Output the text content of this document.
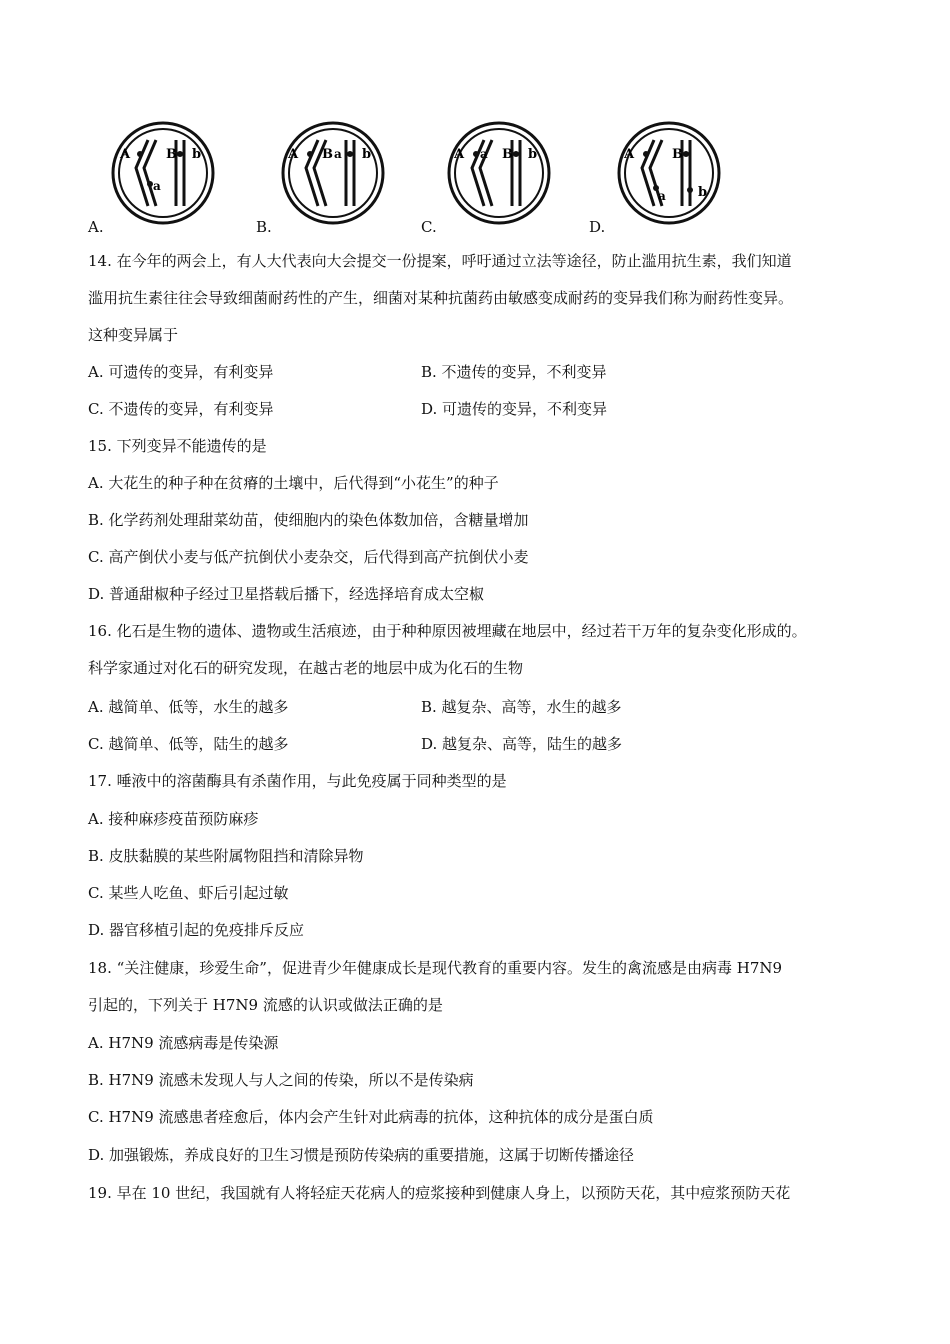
A.
A
a
B b
B.
A B a b
C.
A a B b
D.
A
a
B
b
14. 在今年的两会上，有人大代表向大会提交一份提案，呼吁通过立法等途径，防止滥用抗生素，我们知道
滥用抗生素往往会导致细菌耐药性的产生，细菌对某种抗菌药由敏感变成耐药的变异我们称为耐药性变异。
这种变异属于
A. 可遗传的变异，有利变异	B. 不遗传的变异，不利变异
C. 不遗传的变异，有利变异	D. 可遗传的变异，不利变异
15. 下列变异不能遗传的是
A. 大花生的种子种在贫瘠的土壤中，后代得到“小花生”的种子
B. 化学药剂处理甜菜幼苗，使细胞内的染色体数加倍，含糖量增加
C. 高产倒伏小麦与低产抗倒伏小麦杂交，后代得到高产抗倒伏小麦
D. 普通甜椒种子经过卫星搭载后播下，经选择培育成太空椒
16. 化石是生物的遗体、遗物或生活痕迹，由于种种原因被埋藏在地层中，经过若干万年的复杂变化形成的。
科学家通过对化石的研究发现，在越古老的地层中成为化石的生物
A. 越简单、低等，水生的越多	B. 越复杂、高等，水生的越多
C. 越简单、低等，陆生的越多	D. 越复杂、高等，陆生的越多
17. 唾液中的溶菌酶具有杀菌作用，与此免疫属于同种类型的是
A. 接种麻疹疫苗预防麻疹
B. 皮肤黏膜的某些附属物阻挡和清除异物
C. 某些人吃鱼、虾后引起过敏
D. 器官移植引起的免疫排斥反应
18. “关注健康，珍爱生命”，促进青少年健康成长是现代教育的重要内容。发生的禽流感是由病毒 H7N9
引起的，下列关于 H7N9 流感的认识或做法正确的是
A. H7N9 流感病毒是传染源
B. H7N9 流感未发现人与人之间的传染，所以不是传染病
C. H7N9 流感患者痊愈后，体内会产生针对此病毒的抗体，这种抗体的成分是蛋白质
D. 加强锻炼，养成良好的卫生习惯是预防传染病的重要措施，这属于切断传播途径
19. 早在 10 世纪，我国就有人将轻症天花病人的痘浆接种到健康人身上，以预防天花，其中痘浆预防天花
